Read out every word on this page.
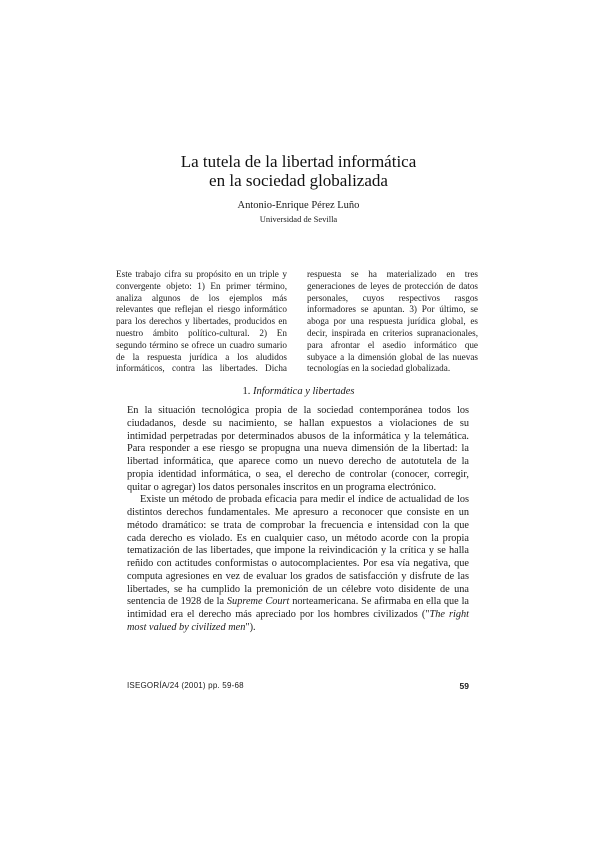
La tutela de la libertad informática
en la sociedad globalizada
Antonio-Enrique Pérez Luño
Universidad de Sevilla

Este trabajo cifra su propósito en un triple y convergente objeto: 1) En primer término, analiza algunos de los ejemplos más relevantes que reflejan el riesgo informático para los derechos y libertades, producidos en nuestro ámbito político-cultural. 2) En segundo término se ofrece un cuadro sumario de la respuesta jurídica a los aludidos informáticos, contra las libertades. Dicha respuesta se ha materializado en tres generaciones de leyes de protección de datos personales, cuyos respectivos rasgos informadores se apuntan. 3) Por último, se aboga por una respuesta jurídica global, es decir, inspirada en criterios supranacionales, para afrontar el asedio informático que subyace a la dimensión global de las nuevas tecnologías en la sociedad globalizada.

1. Informática y libertades

En la situación tecnológica propia de la sociedad contemporánea todos los ciudadanos, desde su nacimiento, se hallan expuestos a violaciones de su intimidad perpetradas por determinados abusos de la informática y la telemática. Para responder a ese riesgo se propugna una nueva dimensión de la libertad: la libertad informática, que aparece como un nuevo derecho de autotutela de la propia identidad informática, o sea, el derecho de controlar (conocer, corregir, quitar o agregar) los datos personales inscritos en un programa electrónico.

Existe un método de probada eficacia para medir el índice de actualidad de los distintos derechos fundamentales. Me apresuro a reconocer que consiste en un método dramático: se trata de comprobar la frecuencia e intensidad con la que cada derecho es violado. Es en cualquier caso, un método acorde con la propia tematización de las libertades, que impone la reivindicación y la crítica y se halla reñido con actitudes conformistas o autocomplacientes. Por esa vía negativa, que computa agresiones en vez de evaluar los grados de satisfacción y disfrute de las libertades, se ha cumplido la premonición de un célebre voto disidente de una sentencia de 1928 de la Supreme Court norteamericana. Se afirmaba en ella que la intimidad era el derecho más apreciado por los hombres civilizados ("The right most valued by civilized men").

ISEGORÍA/24 (2001) pp. 59-68	59
